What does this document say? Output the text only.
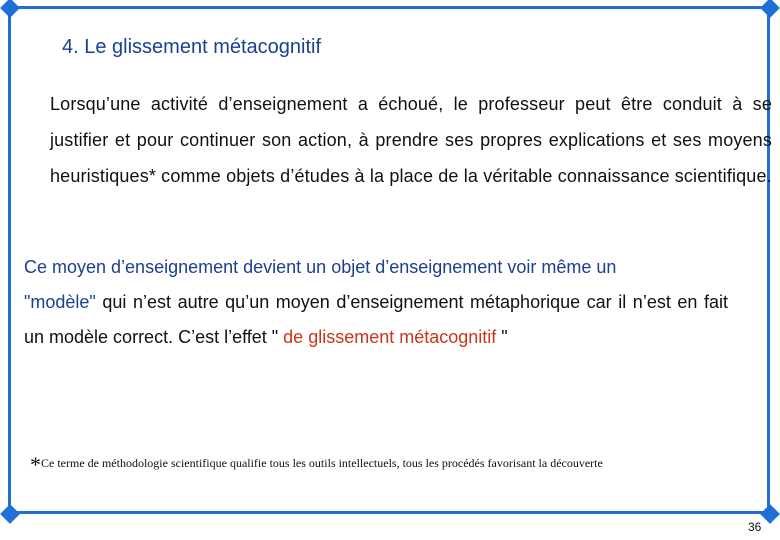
4. Le glissement métacognitif
Lorsqu’une activité d’enseignement a échoué, le professeur peut être conduit à se justifier et pour continuer son action, à prendre ses propres explications et ses moyens heuristiques* comme objets d’études à la place de la véritable connaissance scientifique.
Ce moyen d’enseignement devient un objet d’enseignement voir même un
"modèle" qui n’est autre qu’un moyen d’enseignement métaphorique car il n’est en fait un modèle correct. C’est l’effet " de glissement métacognitif "
*Ce terme de méthodologie scientifique qualifie tous les outils intellectuels, tous les procédés favorisant la découverte
36
